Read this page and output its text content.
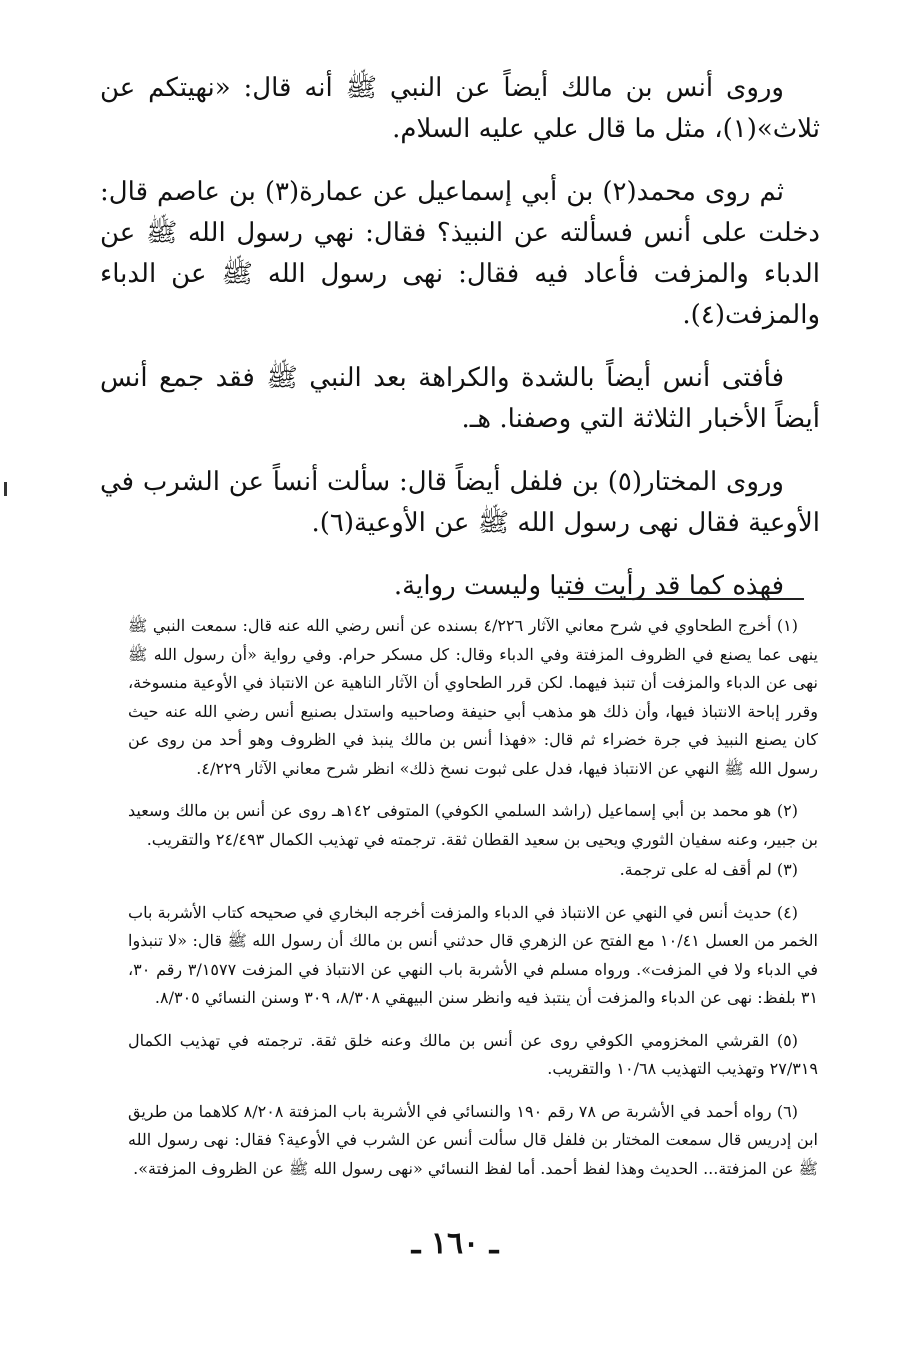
وروى أنس بن مالك أيضاً عن النبي ﷺ أنه قال: «نهيتكم عن ثلاث»(١)، مثل ما قال علي عليه السلام.

ثم روى محمد(٢) بن أبي إسماعيل عن عمارة(٣) بن عاصم قال: دخلت على أنس فسألته عن النبيذ؟ فقال: نهي رسول الله ﷺ عن الدباء والمزفت فأعاد فيه فقال: نهى رسول الله ﷺ عن الدباء والمزفت(٤).

فأفتى أنس أيضاً بالشدة والكراهة بعد النبي ﷺ فقد جمع أنس أيضاً الأخبار الثلاثة التي وصفنا. هـ.

وروى المختار(٥) بن فلفل أيضاً قال: سألت أنساً عن الشرب في الأوعية فقال نهى رسول الله ﷺ عن الأوعية(٦).

فهذه كما قد رأيت فتيا وليست رواية.

(١) أخرج الطحاوي في شرح معاني الآثار ٤/٢٢٦ بسنده عن أنس رضي الله عنه قال: سمعت النبي ﷺ ينهى عما يصنع في الظروف المزفتة وفي الدباء وقال: كل مسكر حرام. وفي رواية «أن رسول الله ﷺ نهى عن الدباء والمزفت أن تنبذ فيهما. لكن قرر الطحاوي أن الآثار الناهية عن الانتباذ في الأوعية منسوخة، وقرر إباحة الانتباذ فيها، وأن ذلك هو مذهب أبي حنيفة وصاحبيه واستدل بصنيع أنس رضي الله عنه حيث كان يصنع النبيذ في جرة خضراء ثم قال: «فهذا أنس بن مالك ينبذ في الظروف وهو أحد من روى عن رسول الله ﷺ النهي عن الانتباذ فيها، فدل على ثبوت نسخ ذلك» انظر شرح معاني الآثار ٤/٢٢٩.

(٢) هو محمد بن أبي إسماعيل (راشد السلمي الكوفي) المتوفى ١٤٢هـ روى عن أنس بن مالك وسعيد بن جبير، وعنه سفيان الثوري ويحيى بن سعيد القطان ثقة. ترجمته في تهذيب الكمال ٢٤/٤٩٣ والتقريب.

(٣) لم أقف له على ترجمة.

(٤) حديث أنس في النهي عن الانتباذ في الدباء والمزفت أخرجه البخاري في صحيحه كتاب الأشربة باب الخمر من العسل ١٠/٤١ مع الفتح عن الزهري قال حدثني أنس بن مالك أن رسول الله ﷺ قال: «لا تنبذوا في الدباء ولا في المزفت». ورواه مسلم في الأشربة باب النهي عن الانتباذ في المزفت ٣/١٥٧٧ رقم ٣٠، ٣١ بلفظ: نهى عن الدباء والمزفت أن ينتبذ فيه وانظر سنن البيهقي ٨/٣٠٨، ٣٠٩ وسنن النسائي ٨/٣٠٥.

(٥) القرشي المخزومي الكوفي روى عن أنس بن مالك وعنه خلق ثقة. ترجمته في تهذيب الكمال ٢٧/٣١٩ وتهذيب التهذيب ١٠/٦٨ والتقريب.

(٦) رواه أحمد في الأشربة ص ٧٨ رقم ١٩٠ والنسائي في الأشربة باب المزفتة ٨/٢٠٨ كلاهما من طريق ابن إدريس قال سمعت المختار بن فلفل قال سألت أنس عن الشرب في الأوعية؟ فقال: نهى رسول الله ﷺ عن المزفتة... الحديث وهذا لفظ أحمد. أما لفظ النسائي «نهى رسول الله ﷺ عن الظروف المزفتة».

ـ ١٦٠ ـ
